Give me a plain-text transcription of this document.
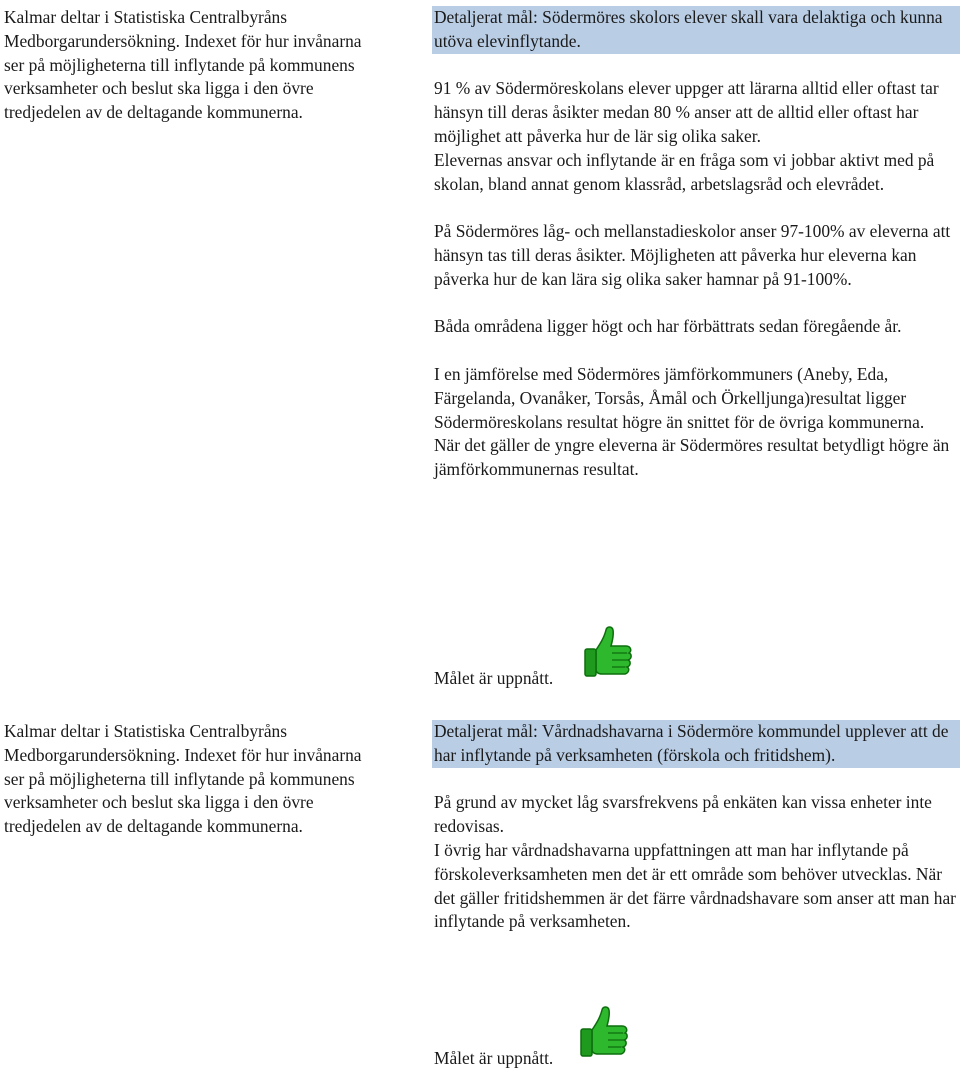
Kalmar deltar i Statistiska Centralbyråns Medborgarundersökning. Indexet för hur invånarna ser på möjligheterna till inflytande på kommunens verksamheter och beslut ska ligga i den övre tredjedelen av de deltagande kommunerna.

Detaljerat mål: Södermöres skolors elever skall vara delaktiga och kunna utöva elevinflytande.

91 % av Södermöreskolans elever uppger att lärarna alltid eller oftast tar hänsyn till deras åsikter medan 80 % anser att de alltid eller oftast har möjlighet att påverka hur de lär sig olika saker.

Elevernas ansvar och inflytande är en fråga som vi jobbar aktivt med på skolan, bland annat genom klassråd, arbetslagsråd och elevrådet.

På Södermöres låg- och mellanstadieskolor anser 97-100% av eleverna att hänsyn tas till deras åsikter. Möjligheten att påverka hur eleverna kan påverka hur de kan lära sig olika saker hamnar på 91-100%.

Båda områdena ligger högt och har förbättrats sedan föregående år.

I en jämförelse med Södermöres jämförkommuners (Aneby, Eda, Färgelanda, Ovanåker, Torsås, Åmål och Örkelljunga)resultat ligger Södermöreskolans resultat högre än snittet för de övriga kommunerna.

När det gäller de yngre eleverna är Södermöres resultat betydligt högre än jämförkommunernas resultat.

Målet är uppnått.
Kalmar deltar i Statistiska Centralbyråns Medborgarundersökning. Indexet för hur invånarna ser på möjligheterna till inflytande på kommunens verksamheter och beslut ska ligga i den övre tredjedelen av de deltagande kommunerna.

Detaljerat mål: Vårdnadshavarna i Södermöre kommundel upplever att de har inflytande på verksamheten (förskola och fritidshem).

På grund av mycket låg svarsfrekvens på enkäten kan vissa enheter inte redovisas.

I övrig har vårdnadshavarna uppfattningen att man har inflytande på förskoleverksamheten men det är ett område som behöver utvecklas. När det gäller fritidshemmen är det färre vårdnadshavare som anser att man har inflytande på verksamheten.

Målet är uppnått.
